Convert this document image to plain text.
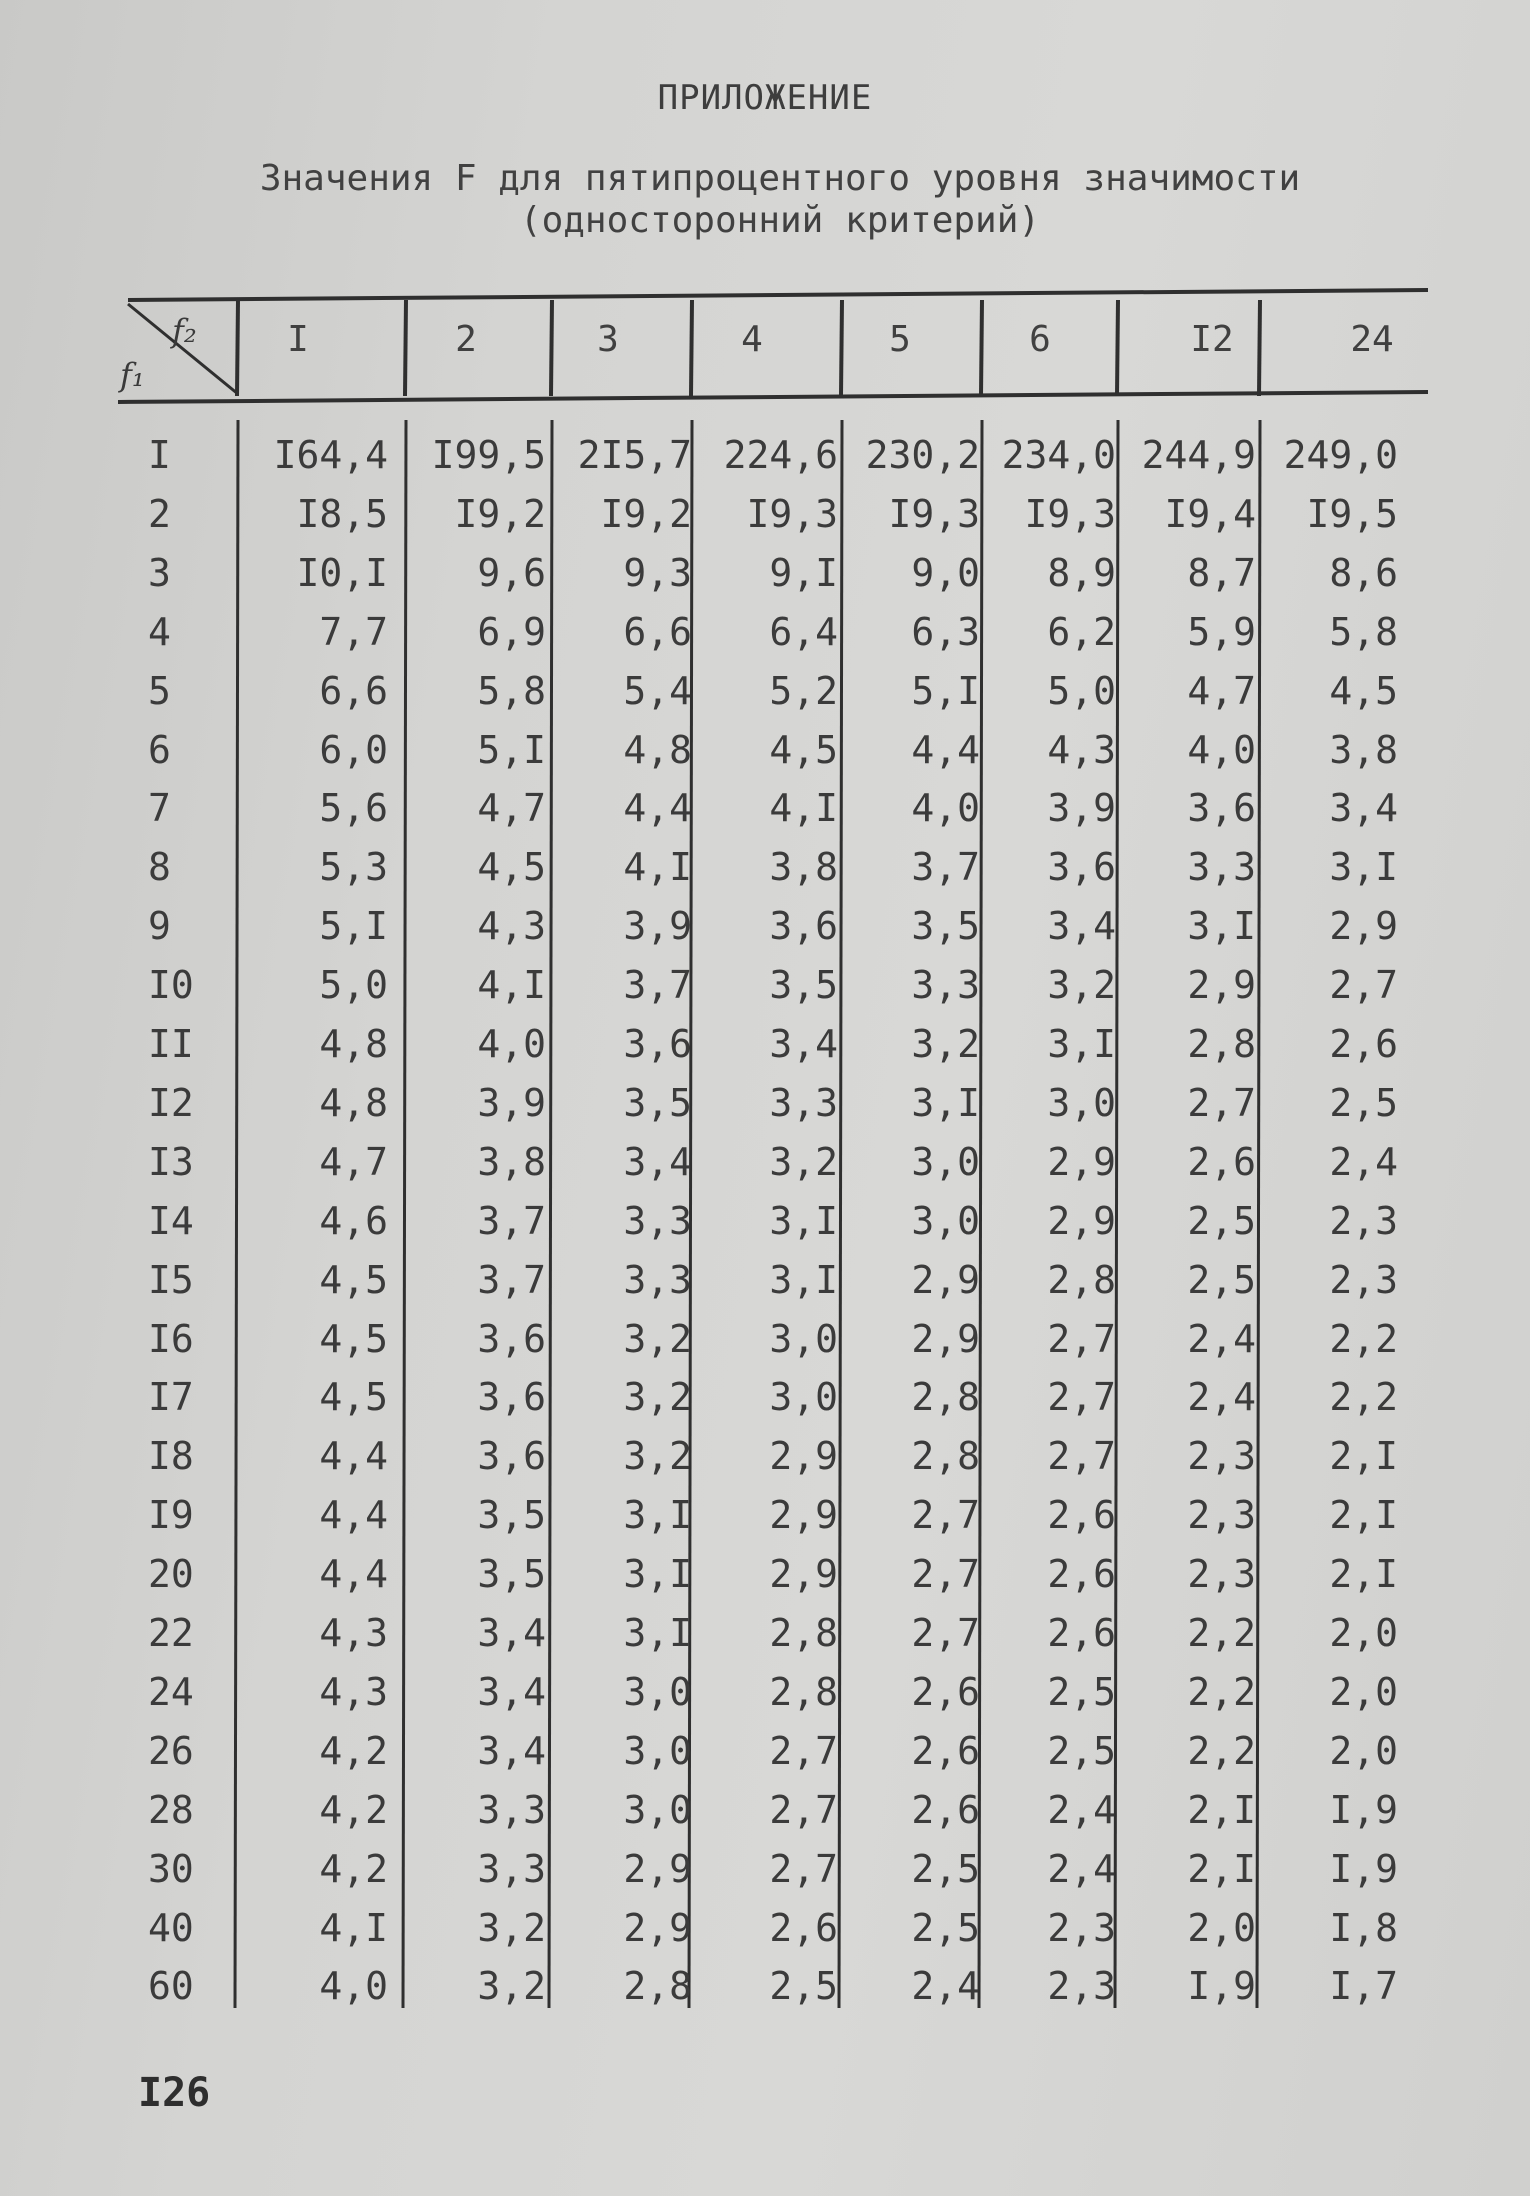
ПРИЛОЖЕНИЕ
Значения F для пятипроцентного уровня значимости
(односторонний критерий)
f₂
f₁
I	2	3	4	5	6	I2	24
I	I64,4	I99,5 2I5,7 224,6 230,2 234,0 244,9 249,0
2	I8,5	I9,2	I9,2	I9,3	I9,3	I9,3	I9,4	I9,5
3	I0,I	9,6	9,3	9,I	9,0	8,9	8,7	8,6
4	7,7	6,9	6,6	6,4	6,3	6,2	5,9	5,8
5	6,6	5,8	5,4	5,2	5,I	5,0	4,7	4,5
6	6,0	5,I	4,8	4,5	4,4	4,3	4,0	3,8
7	5,6	4,7	4,4	4,I	4,0	3,9	3,6	3,4
8	5,3	4,5	4,I	3,8	3,7	3,6	3,3	3,I
9	5,I	4,3	3,9	3,6	3,5	3,4	3,I	2,9
I0	5,0	4,I	3,7	3,5	3,3	3,2	2,9	2,7
II	4,8	4,0	3,6	3,4	3,2	3,I	2,8	2,6
I2	4,8	3,9	3,5	3,3	3,I	3,0	2,7	2,5
I3	4,7	3,8	3,4	3,2	3,0	2,9	2,6	2,4
I4	4,6	3,7	3,3	3,I	3,0	2,9	2,5	2,3
I5	4,5	3,7	3,3	3,I	2,9	2,8	2,5	2,3
I6	4,5	3,6	3,2	3,0	2,9	2,7	2,4	2,2
I7	4,5	3,6	3,2	3,0	2,8	2,7	2,4	2,2
I8	4,4	3,6	3,2	2,9	2,8	2,7	2,3	2,I
I9	4,4	3,5	3,I	2,9	2,7	2,6	2,3	2,I
20	4,4	3,5	3,I	2,9	2,7	2,6	2,3	2,I
22	4,3	3,4	3,I	2,8	2,7	2,6	2,2	2,0
24	4,3	3,4	3,0	2,8	2,6	2,5	2,2	2,0
26	4,2	3,4	3,0	2,7	2,6	2,5	2,2	2,0
28	4,2	3,3	3,0	2,7	2,6	2,4	2,I	I,9
30	4,2	3,3	2,9	2,7	2,5	2,4	2,I	I,9
40	4,I	3,2	2,9	2,6	2,5	2,3	2,0	I,8
60	4,0	3,2	2,8	2,5	2,4	2,3	I,9	I,7
I26
